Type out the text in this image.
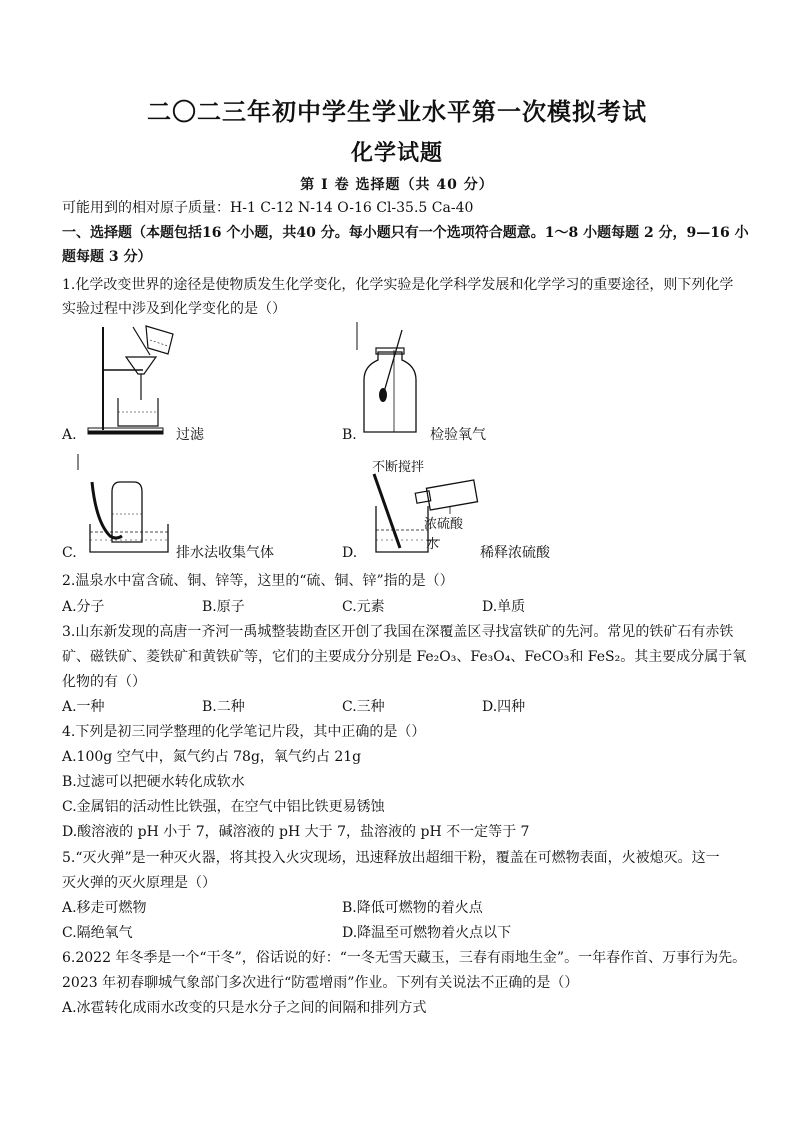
二〇二三年初中学生学业水平第一次模拟考试
化学试题
第 I 卷 选择题（共 40 分）
可能用到的相对原子质量：H-1 C-12 N-14 O-16 Cl-35.5 Ca-40
一、选择题（本题包括16 个小题，共40 分。每小题只有一个选项符合题意。1～8 小题每题 2 分，9—16 小
题每题 3 分）
1.化学改变世界的途径是使物质发生化学变化，化学实验是化学科学发展和化学学习的重要途径，则下列化学
实验过程中涉及到化学变化的是（）
A.	过滤	B.	检验氧气
C.	排水法收集气体
不断搅拌
浓硫酸
水
D.	稀释浓硫酸
2.温泉水中富含硫、铜、锌等，这里的“硫、铜、锌”指的是（）
A.分子	B.原子	C.元素	D.单质
3.山东新发现的高唐一齐河一禹城整装勘查区开创了我国在深覆盖区寻找富铁矿的先河。常见的铁矿石有赤铁
矿、磁铁矿、菱铁矿和黄铁矿等，它们的主要成分分别是 Fe₂O₃、Fe₃O₄、FeCO₃和 FeS₂。其主要成分属于氧
化物的有（）
A.一种	B.二种	C.三种	D.四种
4.下列是初三同学整理的化学笔记片段，其中正确的是（）
A.100g 空气中，氮气约占 78g，氧气约占 21g
B.过滤可以把硬水转化成软水
C.金属铝的活动性比铁强，在空气中铝比铁更易锈蚀
D.酸溶液的 pH 小于 7，碱溶液的 pH 大于 7，盐溶液的 pH 不一定等于 7
5.“灭火弹”是一种灭火器，将其投入火灾现场，迅速释放出超细干粉，覆盖在可燃物表面，火被熄灭。这一
灭火弹的灭火原理是（）
A.移走可燃物	B.降低可燃物的着火点
C.隔绝氧气	D.降温至可燃物着火点以下
6.2022 年冬季是一个“干冬”，俗话说的好：“一冬无雪天藏玉，三春有雨地生金”。一年春作首、万事行为先。
2023 年初春聊城气象部门多次进行“防雹增雨”作业。下列有关说法不正确的是（）
A.冰雹转化成雨水改变的只是水分子之间的间隔和排列方式
